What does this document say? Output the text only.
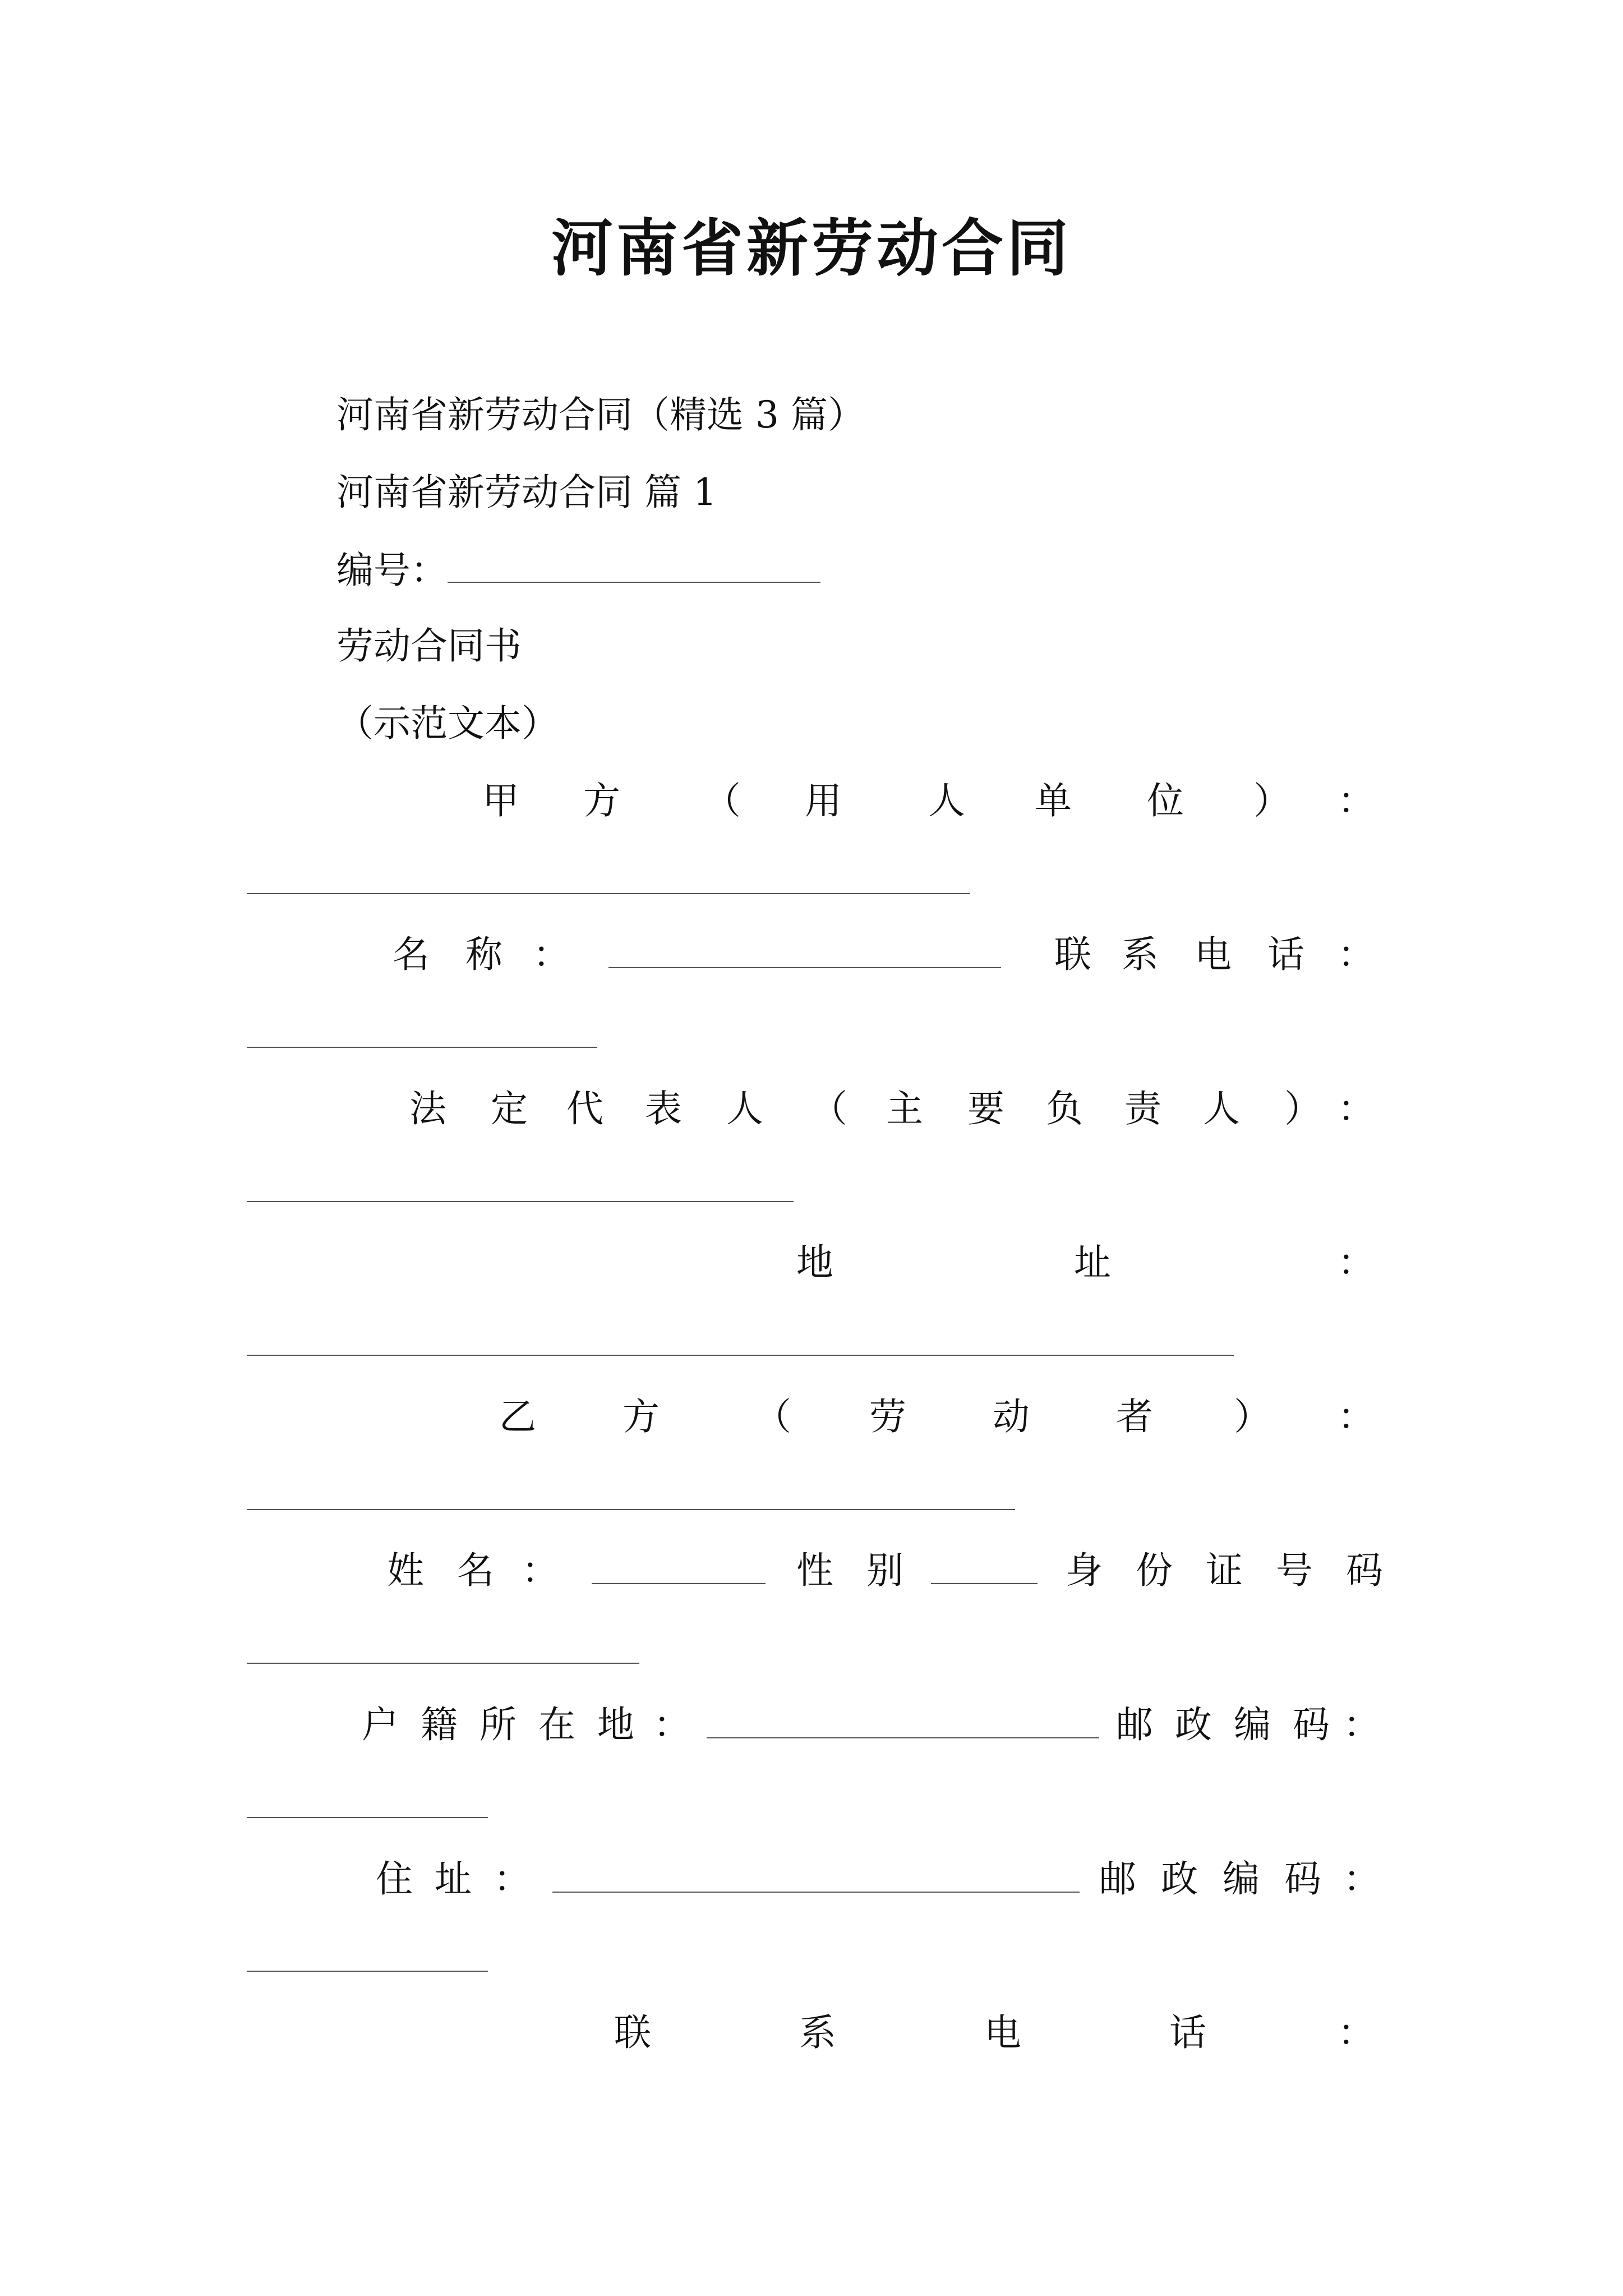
河南省新劳动合同
河南省新劳动合同（精选 3 篇）
河南省新劳动合同 篇 1
编号：
劳动合同书
（示范文本）
甲 方 （ 用 人 单 位 ） ：
名 称 ：	联 系 电 话 ：
法 定 代 表 人 （ 主 要 负 责 人 ） ：
地	址	：
乙 方	（ 劳 动 者 ） ：
姓 名 ：	性 别	身 份 证 号 码
户 籍 所 在 地 ：	邮 政 编 码 ：
住 址 ：	邮 政 编 码 ：
联	系	电	话	：
